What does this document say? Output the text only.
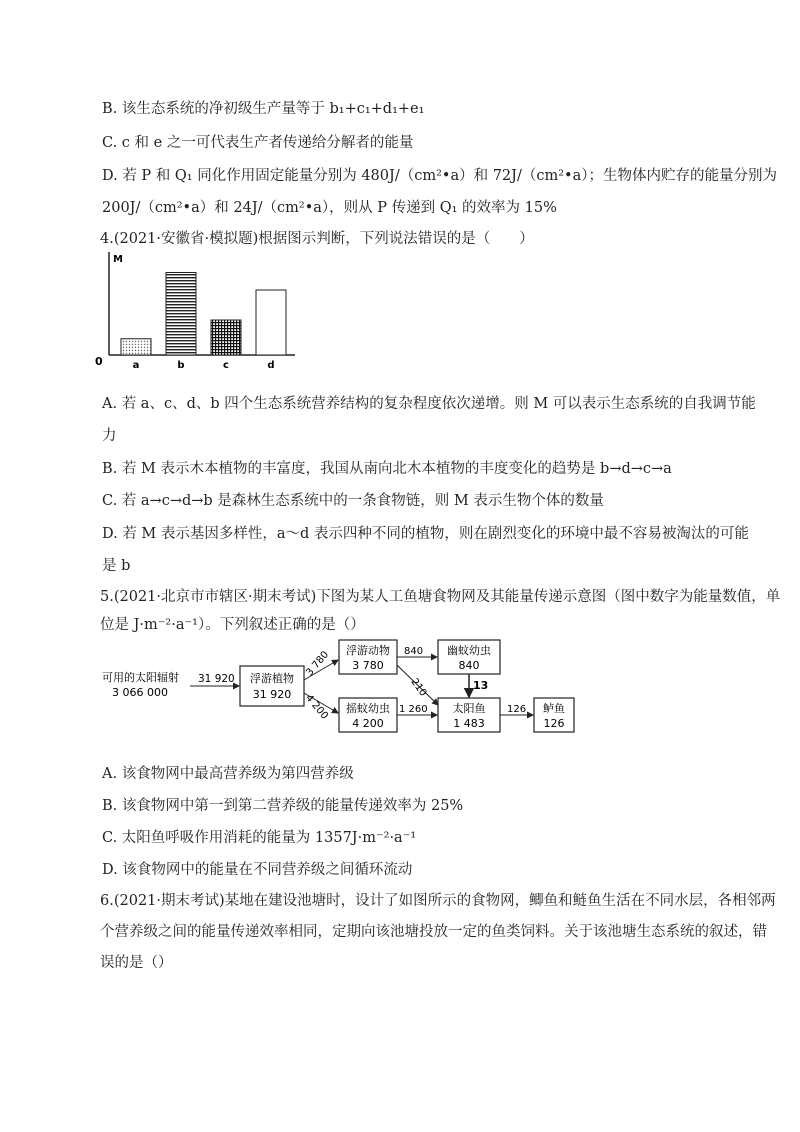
B. 该生态系统的净初级生产量等于 b₁+c₁+d₁+e₁
C. c 和 e 之一可代表生产者传递给分解者的能量
D. 若 P 和 Q₁ 同化作用固定能量分别为 480J/（cm²•a）和 72J/（cm²•a）；生物体内贮存的能量分别为
200J/（cm²•a）和 24J/（cm²•a），则从 P 传递到 Q₁ 的效率为 15%
4.(2021·安徽省·模拟题)根据图示判断，下列说法错误的是（　　）
M
0	a	b	c	d
A. 若 a、c、d、b 四个生态系统营养结构的复杂程度依次递增。则 M 可以表示生态系统的自我调节能
力
B. 若 M 表示木本植物的丰富度，我国从南向北木本植物的丰度变化的趋势是 b→d→c→a
C. 若 a→c→d→b 是森林生态系统中的一条食物链，则 M 表示生物个体的数量
D. 若 M 表示基因多样性，a～d 表示四种不同的植物，则在剧烈变化的环境中最不容易被淘汰的可能
是 b
5.(2021·北京市市辖区·期末考试)下图为某人工鱼塘食物网及其能量传递示意图（图中数字为能量数值，单
位是 J·m⁻²·a⁻¹）。下列叙述正确的是（）
可用的太阳辐射
3 066 000
31 920 浮游植物
31 920
3 780
4 200
浮游动物
3 780
摇蚊幼虫
4 200
840
210
1 260
幽蚊幼虫
840
13
太阳鱼
1 483
126 鲈鱼
126
A. 该食物网中最高营养级为第四营养级
B. 该食物网中第一到第二营养级的能量传递效率为 25%
C. 太阳鱼呼吸作用消耗的能量为 1357J·m⁻²·a⁻¹
D. 该食物网中的能量在不同营养级之间循环流动
6.(2021·期末考试)某地在建设池塘时，设计了如图所示的食物网，鲫鱼和鲢鱼生活在不同水层，各相邻两
个营养级之间的能量传递效率相同，定期向该池塘投放一定的鱼类饲料。关于该池塘生态系统的叙述，错
误的是（）
